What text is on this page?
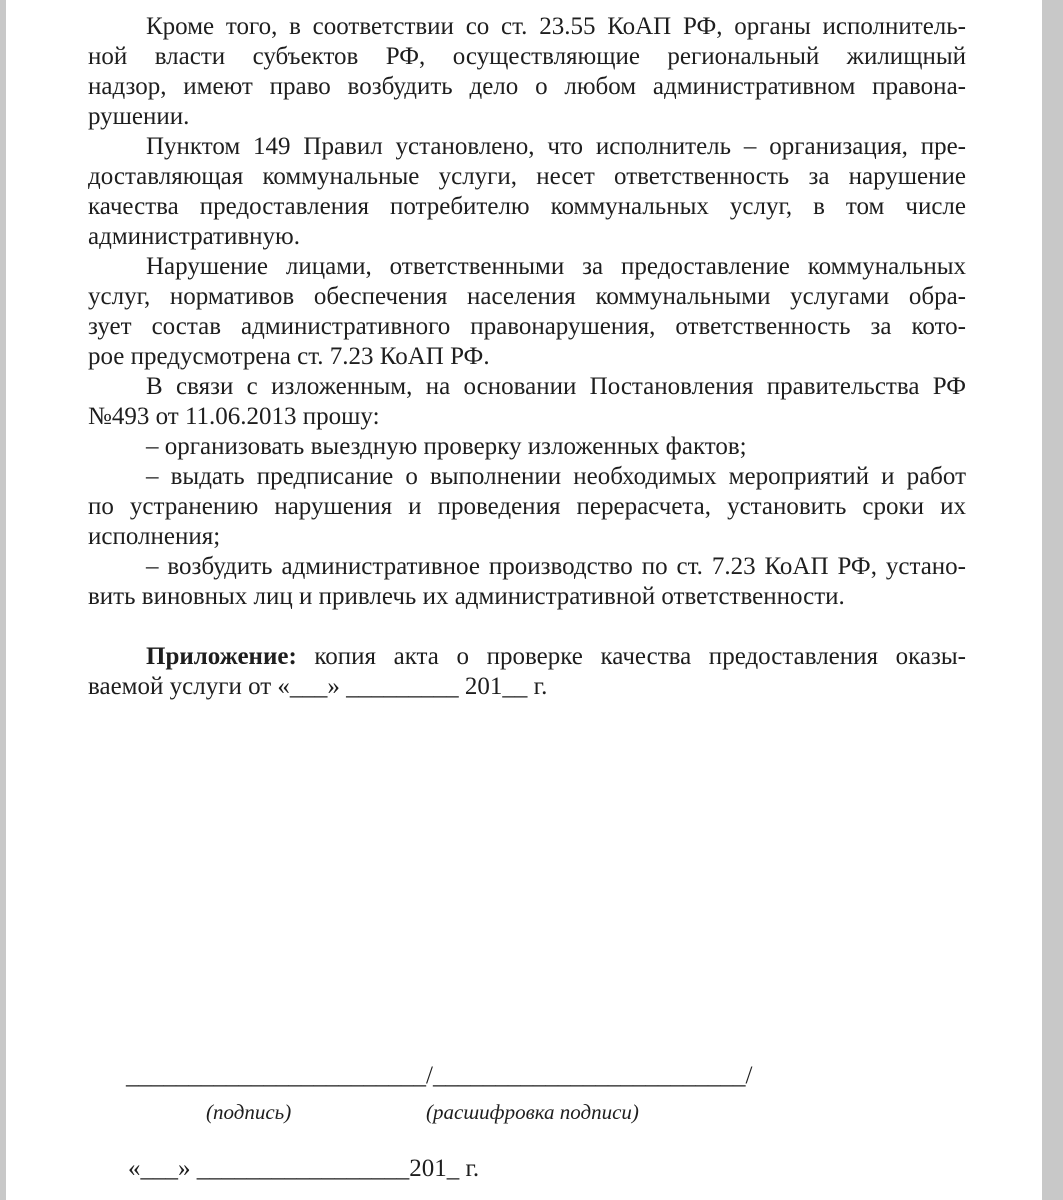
Кроме того, в соответствии со ст. 23.55 КоАП РФ, органы исполнитель-
ной власти субъектов РФ, осуществляющие региональный жилищный
надзор, имеют право возбудить дело о любом административном правона-
рушении.
Пунктом 149 Правил установлено, что исполнитель – организация, пре-
доставляющая коммунальные услуги, несет ответственность за нарушение
качества предоставления потребителю коммунальных услуг, в том числе
административную.
Нарушение лицами, ответственными за предоставление коммунальных
услуг, нормативов обеспечения населения коммунальными услугами обра-
зует состав административного правонарушения, ответственность за кото-
рое предусмотрена ст. 7.23 КоАП РФ.
В связи с изложенным, на основании Постановления правительства РФ
№493 от 11.06.2013 прошу:
– организовать выездную проверку изложенных фактов;
– выдать предписание о выполнении необходимых мероприятий и работ
по устранению нарушения и проведения перерасчета, установить сроки их
исполнения;
– возбудить административное производство по ст. 7.23 КоАП РФ, устано-
вить виновных лиц и привлечь их административной ответственности.
Приложение: копия акта о проверке качества предоставления оказы-
ваемой услуги от «___» _________ 201__ г.
________________________/_________________________/
(подпись)	(расшифровка подписи)
«___» _________________201_ г.
